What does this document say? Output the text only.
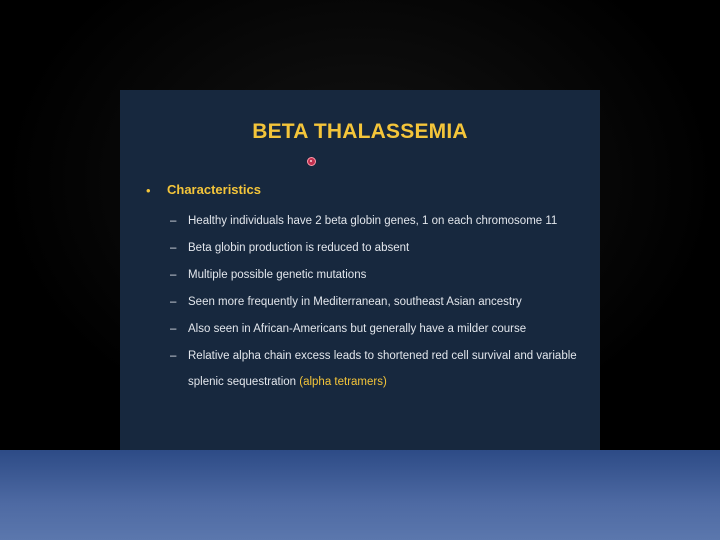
BETA THALASSEMIA
• Characteristics
– Healthy individuals have 2 beta globin genes, 1 on each chromosome 11
– Beta globin production is reduced to absent
– Multiple possible genetic mutations
– Seen more frequently in Mediterranean, southeast Asian ancestry
– Also seen in African-Americans but generally have a milder course
– Relative alpha chain excess leads to shortened red cell survival and variable splenic sequestration (alpha tetramers)
